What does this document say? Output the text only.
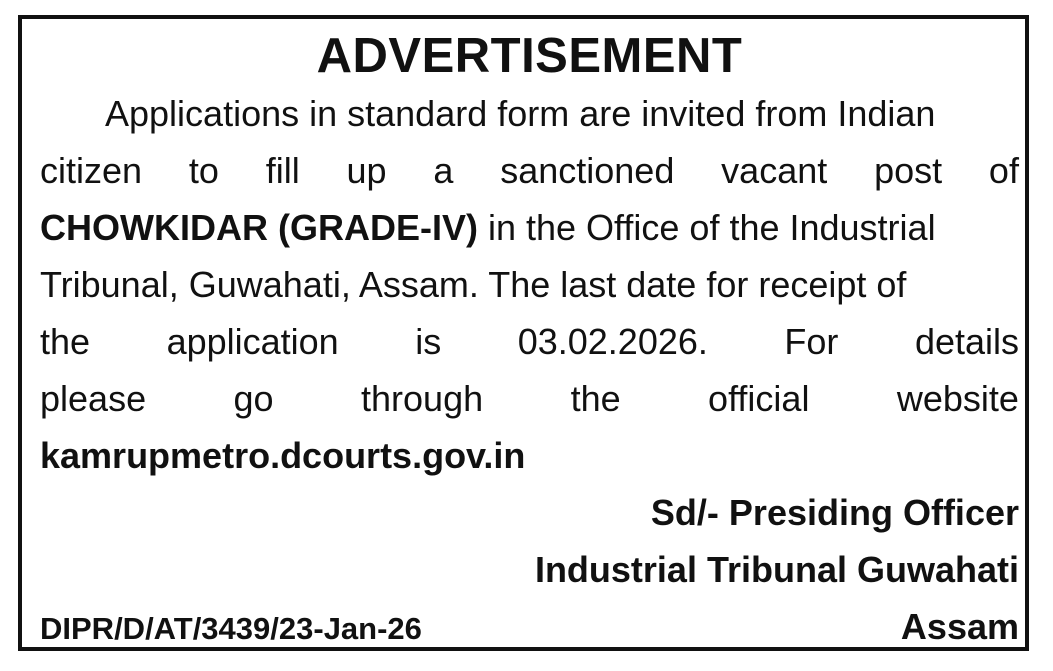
ADVERTISEMENT
Applications in standard form are invited from Indian
citizen to fill up a sanctioned vacant post of
CHOWKIDAR (GRADE-IV) in the Office of the Industrial
Tribunal, Guwahati, Assam. The last date for receipt of
the application is 03.02.2026. For details
please go through the official website
kamrupmetro.dcourts.gov.in
Sd/- Presiding Officer
Industrial Tribunal Guwahati
DIPR/D/AT/3439/23-Jan-26	Assam
